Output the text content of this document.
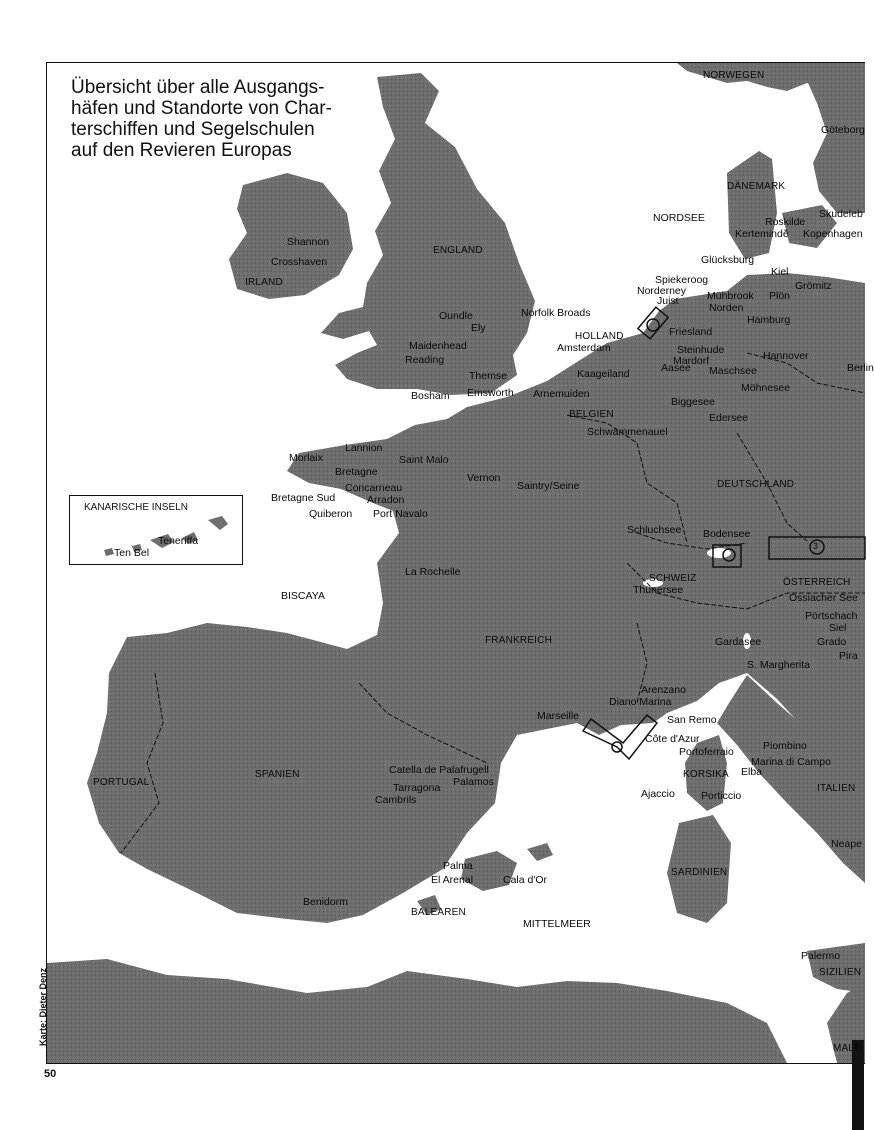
Übersicht über alle Ausgangs-
häfen und Standorte von Char-
terschiffen und Segelschulen
auf den Revieren Europas
KANARISCHE INSELN
Teneriffa
Ten Bel
NORWEGEN
DÄNEMARK
ENGLAND
IRLAND
HOLLAND
BELGIEN
DEUTSCHLAND
FRANKREICH
SCHWEIZ	ÖSTERREICH
PORTUGAL
SPANIEN	KORSIKA
SARDINIEN
ITALIEN
SIZILIEN
BALEAREN
MALT
NORDSEE
BISCAYA
MITTELMEER
Göteborg
Skudeleb
Roskilde
Kertemindě Kopenhagen
Glücksburg
Kiel
Grömitz
Spiekeroog
Norderney
Juist	Mühbrook Plön
Norden
Hamburg
Friesland
Steinhude
Mardorf	Hannover
Maschsee
Aasee	Berlin
Möhnesee
Biggesee
Edersee
Shannon
Crosshaven
Oundle
Ely
Norfolk Broads
Maidenhead
Reading
Themse
Bosham Emsworth
Amsterdam
Kaageiland
Arnemuiden
Schwammenauel
Lannion
Morlaix	Saint Malo
Bretagne
Concarneau
Bretagne Sud	Arradon
Quiberon Port Navalo
Vernon
Saintry/Seine
La Rochelle
Schluchsee Bodensee
Thunersee
Ossiacher See
Pörtschach
Siel
Grado
Pira
Gardasee
S. Margherita
Arenzano
Diano Marina
San Remo
Marseille
Côte d'Azur
Portoferraio	Piombino
Marina di Campo
Elba
Ajaccio Porticcio
Catella de Palafrugell
Palamos
Tarragona
Cambrils
Palma
El Arenal	Cala d'Or
Benidorm
Neape
Palermo
3
Karte: Dieter Denz
50
